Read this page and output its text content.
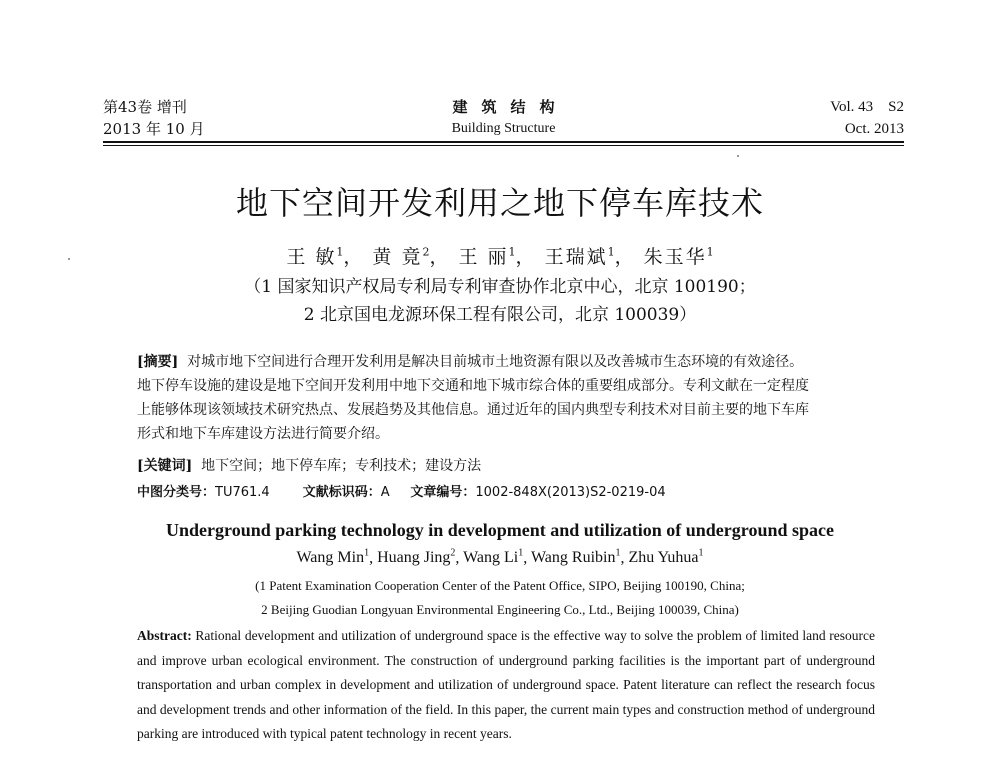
第43卷 增刊
2013 年 10 月
建筑结构
Building Structure
Vol. 43    S2
Oct. 2013
地下空间开发利用之地下停车库技术
王 敏$^1$， 黄 竟$^2$， 王 丽$^1$， 王瑞斌$^1$， 朱玉华$^1$
（1 国家知识产权局专利局专利审查协作北京中心，北京 100190；
2 北京国电龙源环保工程有限公司，北京 100039）

[摘要] 对城市地下空间进行合理开发利用是解决目前城市土地资源有限以及改善城市生态环境的有效途径。

地下停车设施的建设是地下空间开发利用中地下交通和地下城市综合体的重要组成部分。专利文献在一定程度

上能够体现该领域技术研究热点、发展趋势及其他信息。通过近年的国内典型专利技术对目前主要的地下车库

形式和地下车库建设方法进行简要介绍。

[关键词] 地下空间；地下停车库；专利技术；建设方法
中图分类号：TU761.4	文献标识码：A 文章编号：1002-848X(2013)S2-0219-04
Underground parking technology in development and utilization of underground space
Wang Min$^1$, Huang Jing$^2$, Wang Li$^1$, Wang Ruibin$^1$, Zhu Yuhua$^1$
(1 Patent Examination Cooperation Center of the Patent Office, SIPO, Beijing 100190, China;
2 Beijing Guodian Longyuan Environmental Engineering Co., Ltd., Beijing 100039, China)
Abstract: Rational development and utilization of underground space is the effective way to solve the problem of limited land resource and improve urban ecological environment. The construction of underground parking facilities is the important part of underground transportation and urban complex in development and utilization of underground space. Patent literature can reflect the research focus and development trends and other information of the field. In this paper, the current main types and construction method of underground parking are introduced with typical patent technology in recent years.
